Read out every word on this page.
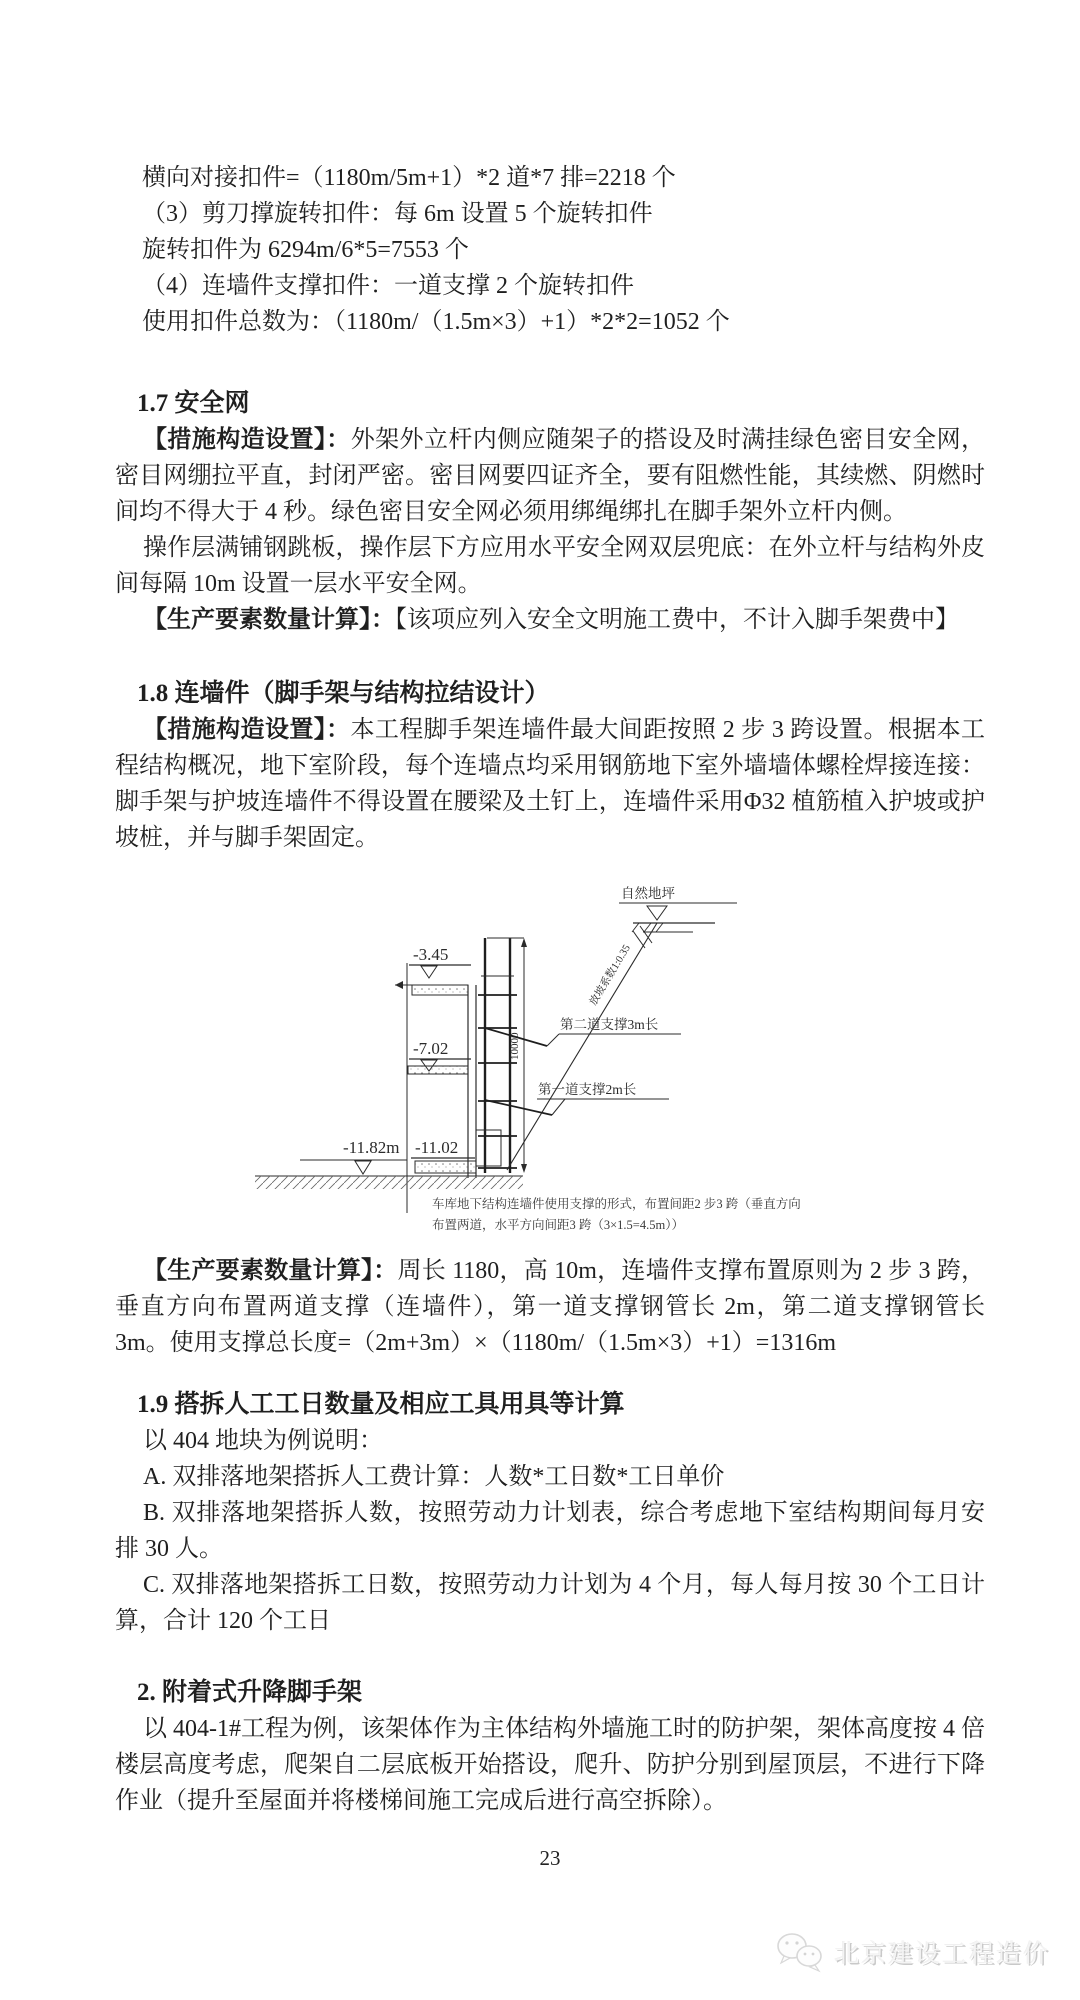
横向对接扣件=（1180m/5m+1）*2 道*7 排=2218 个
（3）剪刀撑旋转扣件：每 6m 设置 5 个旋转扣件
旋转扣件为 6294m/6*5=7553 个
（4）连墙件支撑扣件：一道支撑 2 个旋转扣件
使用扣件总数为：（1180m/（1.5m×3）+1）*2*2=1052 个
1.7 安全网

【措施构造设置】：外架外立杆内侧应随架子的搭设及时满挂绿色密目安全网，密目网绷拉平直，封闭严密。密目网要四证齐全，要有阻燃性能，其续燃、阴燃时间均不得大于 4 秒。绿色密目安全网必须用绑绳绑扎在脚手架外立杆内侧。

操作层满铺钢跳板，操作层下方应用水平安全网双层兜底：在外立杆与结构外皮间每隔 10m 设置一层水平安全网。

【生产要素数量计算】：【该项应列入安全文明施工费中，不计入脚手架费中】

1.8 连墙件（脚手架与结构拉结设计）

【措施构造设置】：本工程脚手架连墙件最大间距按照 2 步 3 跨设置。根据本工程结构概况，地下室阶段，每个连墙点均采用钢筋地下室外墙墙体螺栓焊接连接：脚手架与护坡连墙件不得设置在腰梁及土钉上，连墙件采用Φ32 植筋植入护坡或护坡桩，并与脚手架固定。

-3.45
-7.02
-11.02
-11.82m
10000
放坡系数1:0.35
自然地坪
第二道支撑3m长
第一道支撑2m长
车库地下结构连墙件使用支撑的形式，布置间距2 步3 跨（垂直方向
布置两道，水平方向间距3 跨（3×1.5=4.5m））

【生产要素数量计算】：周长 1180，高 10m，连墙件支撑布置原则为 2 步 3 跨，垂直方向布置两道支撑（连墙件），第一道支撑钢管长 2m，第二道支撑钢管长 3m。使用支撑总长度=（2m+3m）×（1180m/（1.5m×3）+1）=1316m

1.9 搭拆人工工日数量及相应工具用具等计算

以 404 地块为例说明：

A. 双排落地架搭拆人工费计算：人数*工日数*工日单价

B. 双排落地架搭拆人数，按照劳动力计划表，综合考虑地下室结构期间每月安排 30 人。

C. 双排落地架搭拆工日数，按照劳动力计划为 4 个月，每人每月按 30 个工日计算，合计 120 个工日

2. 附着式升降脚手架

以 404-1#工程为例，该架体作为主体结构外墙施工时的防护架，架体高度按 4 倍楼层高度考虑，爬架自二层底板开始搭设，爬升、防护分别到屋顶层，不进行下降作业（提升至屋面并将楼梯间施工完成后进行高空拆除）。

23
北京建设工程造价
